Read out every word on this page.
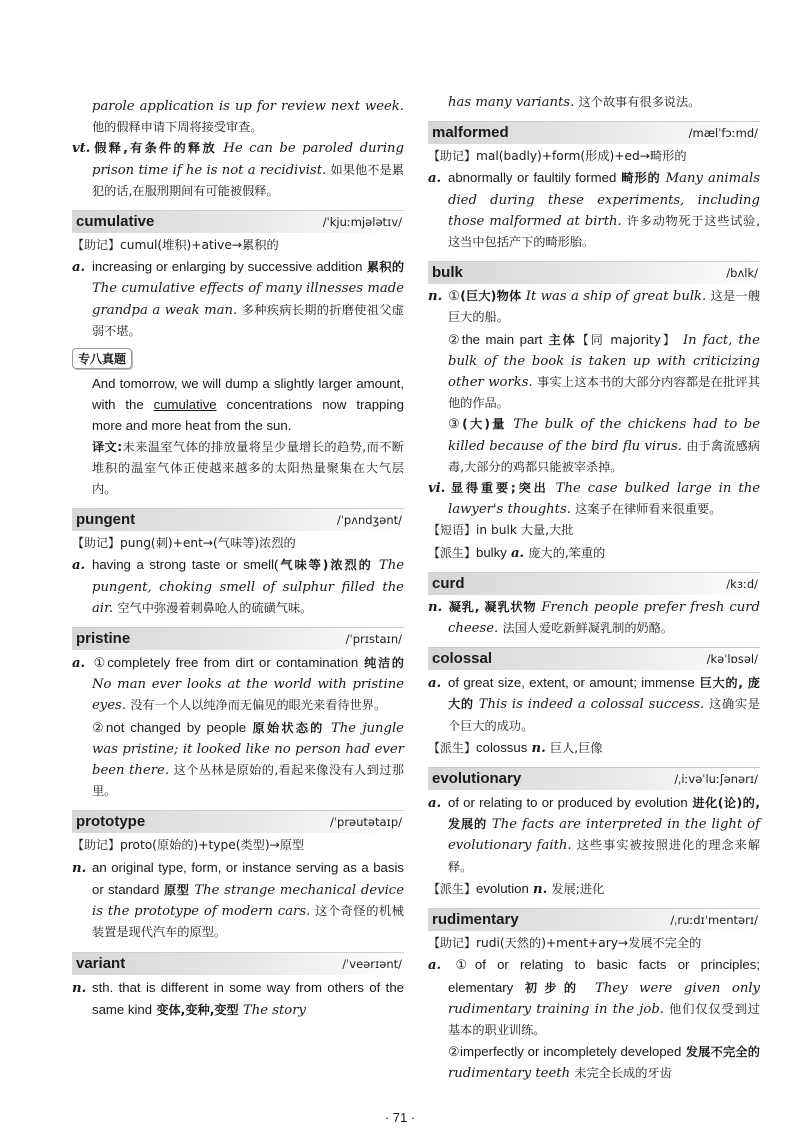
parole application is up for review next week. 他的假释申请下周将接受审查。

vt. 假释,有条件的释放 He can be paroled during prison time if he is not a recidivist. 如果他不是累犯的话,在服刑期间有可能被假释。

cumulative	/ˈkjuːmjələtɪv/

【助记】cumul(堆积)+ative→累积的

a. increasing or enlarging by successive addition 累积的 The cumulative effects of many illnesses made grandpa a weak man. 多种疾病长期的折磨使祖父虚弱不堪。

专八真题

And tomorrow, we will dump a slightly larger amount, with the cumulative concentrations now trapping more and more heat from the sun.

译文:未来温室气体的排放量将呈少量增长的趋势,而不断堆积的温室气体正使越来越多的太阳热量聚集在大气层内。

pungent	/ˈpʌndʒənt/

【助记】pung(刺)+ent→(气味等)浓烈的

a. having a strong taste or smell(气味等)浓烈的 The pungent, choking smell of sulphur filled the air. 空气中弥漫着刺鼻呛人的硫磺气味。

pristine	/ˈprɪstaɪn/

a. ①completely free from dirt or contamination 纯洁的 No man ever looks at the world with pristine eyes. 没有一个人以纯净而无偏见的眼光来看待世界。

②not changed by people 原始状态的 The jungle was pristine; it looked like no person had ever been there. 这个丛林是原始的,看起来像没有人到过那里。

prototype	/ˈprəutətaɪp/

【助记】proto(原始的)+type(类型)→原型

n. an original type, form, or instance serving as a basis or standard 原型 The strange mechanical device is the prototype of modern cars. 这个奇怪的机械装置是现代汽车的原型。

variant	/ˈveərɪənt/

n. sth. that is different in some way from others of the same kind 变体,变种,变型 The story

has many variants. 这个故事有很多说法。

malformed	/mælˈfɔːmd/

【助记】mal(badly)+form(形成)+ed→畸形的

a. abnormally or faultily formed 畸形的 Many animals died during these experiments, including those malformed at birth. 许多动物死于这些试验,这当中包括产下的畸形胎。

bulk	/bʌlk/

n. ①(巨大)物体 It was a ship of great bulk. 这是一艘巨大的船。

②the main part 主体【同 majority】 In fact, the bulk of the book is taken up with criticizing other works. 事实上这本书的大部分内容都是在批评其他的作品。

③(大)量 The bulk of the chickens had to be killed because of the bird flu virus. 由于禽流感病毒,大部分的鸡都只能被宰杀掉。

vi. 显得重要;突出 The case bulked large in the lawyer's thoughts. 这案子在律师看来很重要。

【短语】in bulk 大量,大批

【派生】bulky a. 庞大的,笨重的

curd	/kɜːd/

n. 凝乳, 凝乳状物 French people prefer fresh curd cheese. 法国人爱吃新鲜凝乳制的奶酪。

colossal	/kəˈlɒsəl/

a. of great size, extent, or amount; immense 巨大的, 庞大的 This is indeed a colossal success. 这确实是个巨大的成功。

【派生】colossus n. 巨人,巨像

evolutionary	/ˌiːvəˈluːʃənərɪ/

a. of or relating to or produced by evolution 进化(论)的,发展的 The facts are interpreted in the light of evolutionary faith. 这些事实被按照进化的理念来解释。

【派生】evolution n. 发展;进化

rudimentary	/ˌruːdɪˈmentərɪ/

【助记】rudi(天然的)+ment+ary→发展不完全的

a. ①of or relating to basic facts or principles; elementary 初步的 They were given only rudimentary training in the job. 他们仅仅受到过基本的职业训练。

②imperfectly or incompletely developed 发展不完全的 rudimentary teeth 未完全长成的牙齿

· 71 ·
